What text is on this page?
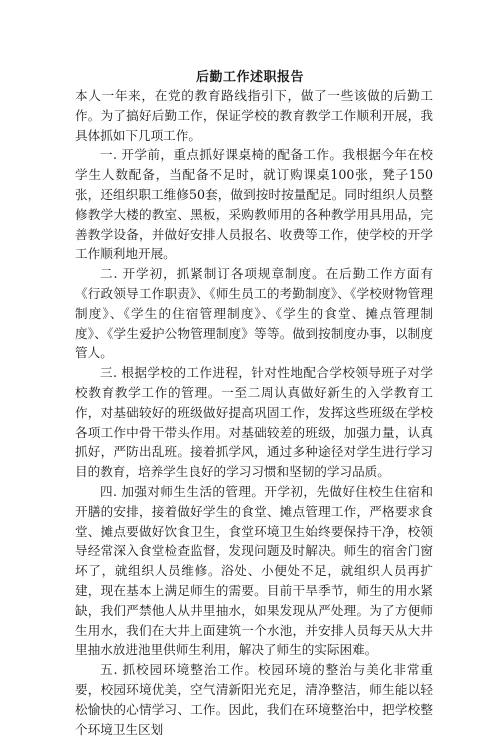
后勤工作述职报告

本人一年来，在党的教育路线指引下，做了一些该做的后勤工作。为了搞好后勤工作，保证学校的教育教学工作顺利开展，我具体抓如下几项工作。

一. 开学前，重点抓好课桌椅的配备工作。我根据今年在校学生人数配备，当配备不足时，就订购课桌100张，凳子150张，还组织职工维修50套，做到按时按量配足。同时组织人员整修教学大楼的教室、黑板，采购教师用的各种教学用具用品，完善教学设备，并做好安排人员报名、收费等工作，使学校的开学工作顺利地开展。

二. 开学初，抓紧制订各项规章制度。在后勤工作方面有《行政领导工作职责》、《师生员工的考勤制度》、《学校财物管理制度》、《学生的住宿管理制度》、《学生的食堂、摊点管理制度》、《学生爱护公物管理制度》等等。做到按制度办事，以制度管人。

三. 根据学校的工作进程，针对性地配合学校领导班子对学校教育教学工作的管理。一至二周认真做好新生的入学教育工作，对基础较好的班级做好提高巩固工作，发挥这些班级在学校各项工作中骨干带头作用。对基础较差的班级，加强力量，认真抓好，严防出乱班。接着抓学风，通过多种途径对学生进行学习目的教育，培养学生良好的学习习惯和坚韧的学习品质。

四. 加强对师生生活的管理。开学初，先做好住校生住宿和开膳的安排，接着做好学生的食堂、摊点管理工作，严格要求食堂、摊点要做好饮食卫生，食堂环境卫生始终要保持干净，校领导经常深入食堂检查监督，发现问题及时解决。师生的宿舍门窗坏了，就组织人员维修。浴处、小便处不足，就组织人员再扩建，现在基本上满足师生的需要。目前干旱季节，师生的用水紧缺，我们严禁他人从井里抽水，如果发现从严处理。为了方便师生用水，我们在大井上面建筑一个水池，并安排人员每天从大井里抽水放进池里供师生利用，解决了师生的实际困难。

五. 抓校园环境整治工作。校园环境的整治与美化非常重要，校园环境优美，空气清新阳光充足，清净整洁，师生能以轻松愉快的心情学习、工作。因此，我们在环境整治中，把学校整个环境卫生区划
